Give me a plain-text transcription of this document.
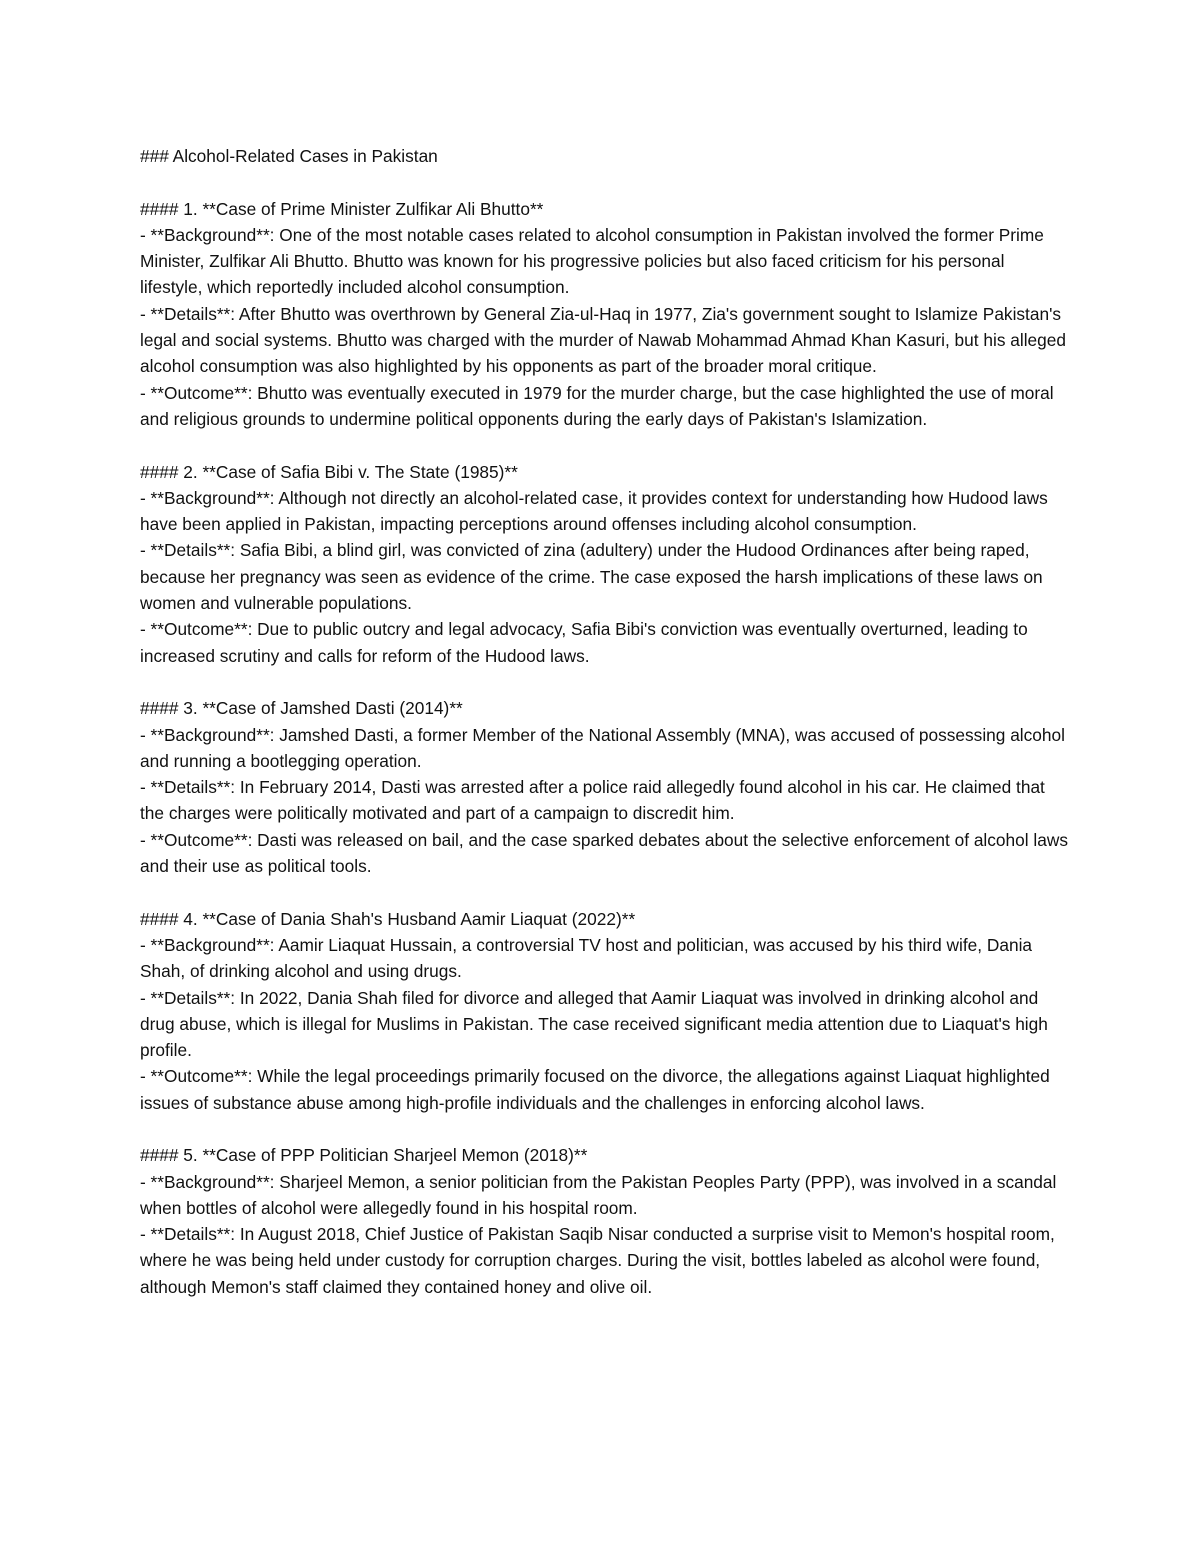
### Alcohol-Related Cases in Pakistan

#### 1. **Case of Prime Minister Zulfikar Ali Bhutto**

- **Background**: One of the most notable cases related to alcohol consumption in Pakistan involved the former Prime Minister, Zulfikar Ali Bhutto. Bhutto was known for his progressive policies but also faced criticism for his personal lifestyle, which reportedly included alcohol consumption.

- **Details**: After Bhutto was overthrown by General Zia-ul-Haq in 1977, Zia's government sought to Islamize Pakistan's legal and social systems. Bhutto was charged with the murder of Nawab Mohammad Ahmad Khan Kasuri, but his alleged alcohol consumption was also highlighted by his opponents as part of the broader moral critique.

- **Outcome**: Bhutto was eventually executed in 1979 for the murder charge, but the case highlighted the use of moral and religious grounds to undermine political opponents during the early days of Pakistan's Islamization.

#### 2. **Case of Safia Bibi v. The State (1985)**

- **Background**: Although not directly an alcohol-related case, it provides context for understanding how Hudood laws have been applied in Pakistan, impacting perceptions around offenses including alcohol consumption.

- **Details**: Safia Bibi, a blind girl, was convicted of zina (adultery) under the Hudood Ordinances after being raped, because her pregnancy was seen as evidence of the crime. The case exposed the harsh implications of these laws on women and vulnerable populations.

- **Outcome**: Due to public outcry and legal advocacy, Safia Bibi's conviction was eventually overturned, leading to increased scrutiny and calls for reform of the Hudood laws.

#### 3. **Case of Jamshed Dasti (2014)**

- **Background**: Jamshed Dasti, a former Member of the National Assembly (MNA), was accused of possessing alcohol and running a bootlegging operation.

- **Details**: In February 2014, Dasti was arrested after a police raid allegedly found alcohol in his car. He claimed that the charges were politically motivated and part of a campaign to discredit him.

- **Outcome**: Dasti was released on bail, and the case sparked debates about the selective enforcement of alcohol laws and their use as political tools.

#### 4. **Case of Dania Shah's Husband Aamir Liaquat (2022)**

- **Background**: Aamir Liaquat Hussain, a controversial TV host and politician, was accused by his third wife, Dania Shah, of drinking alcohol and using drugs.

- **Details**: In 2022, Dania Shah filed for divorce and alleged that Aamir Liaquat was involved in drinking alcohol and drug abuse, which is illegal for Muslims in Pakistan. The case received significant media attention due to Liaquat's high profile.

- **Outcome**: While the legal proceedings primarily focused on the divorce, the allegations against Liaquat highlighted issues of substance abuse among high-profile individuals and the challenges in enforcing alcohol laws.

#### 5. **Case of PPP Politician Sharjeel Memon (2018)**

- **Background**: Sharjeel Memon, a senior politician from the Pakistan Peoples Party (PPP), was involved in a scandal when bottles of alcohol were allegedly found in his hospital room.

- **Details**: In August 2018, Chief Justice of Pakistan Saqib Nisar conducted a surprise visit to Memon's hospital room, where he was being held under custody for corruption charges. During the visit, bottles labeled as alcohol were found, although Memon's staff claimed they contained honey and olive oil.
